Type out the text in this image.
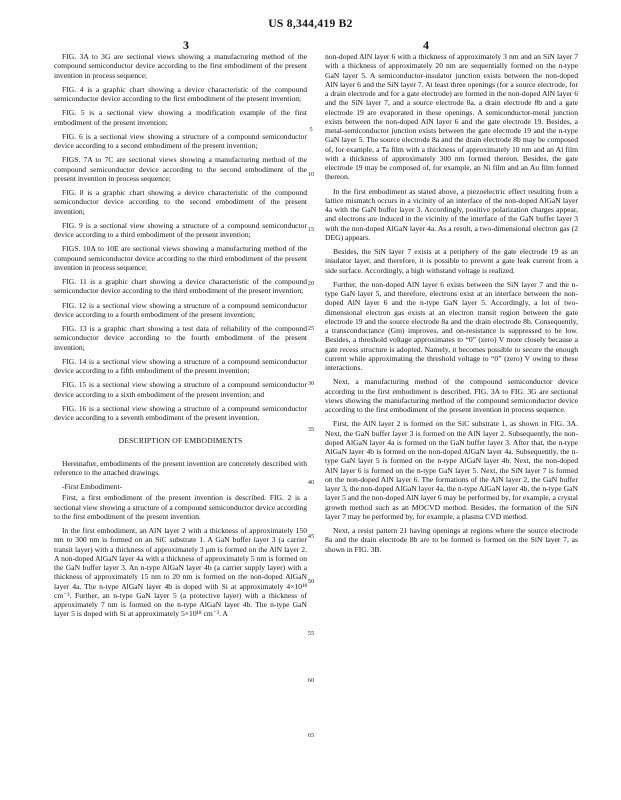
US 8,344,419 B2
3	4

FIG. 3A to 3G are sectional views showing a manufacturing method of the compound semiconductor device according to the first embodiment of the present invention in process sequence;

FIG. 4 is a graphic chart showing a device characteristic of the compound semiconductor device according to the first embodiment of the present invention;

FIG. 5 is a sectional view showing a modification example of the first embodiment of the present invention;

FIG. 6 is a sectional view showing a structure of a compound semiconductor device according to a second embodiment of the present invention;

FIGS. 7A to 7C are sectional views showing a manufacturing method of the compound semiconductor device according to the second embodiment of the present invention in process sequence;

FIG. 8 is a graphic chart showing a device characteristic of the compound semiconductor device according to the second embodiment of the present invention;

FIG. 9 is a sectional view showing a structure of a compound semiconductor device according to a third embodiment of the present invention;

FIGS. 10A to 10E are sectional views showing a manufacturing method of the compound semiconductor device according to the third embodiment of the present invention in process sequence;

FIG. 11 is a graphic chart showing a device characteristic of the compound semiconductor device according to the third embodiment of the present invention;

FIG. 12 is a sectional view showing a structure of a compound semiconductor device according to a fourth embodiment of the present invention;

FIG. 13 is a graphic chart showing a test data of reliability of the compound semiconductor device according to the fourth embodiment of the present invention;

FIG. 14 is a sectional view showing a structure of a compound semiconductor device according to a fifth embodiment of the present invention;

FIG. 15 is a sectional view showing a structure of a compound semiconductor device according to a sixth embodiment of the present invention; and

FIG. 16 is a sectional view showing a structure of a compound semiconductor device according to a seventh embodiment of the present invention.

DESCRIPTION OF EMBODIMENTS

Hereinafter, embodiments of the present invention are concretely described with reference to the attached drawings.

-First Embodiment-

First, a first embodiment of the present invention is described. FIG. 2 is a sectional view showing a structure of a compound semiconductor device according to the first embodiment of the present invention.

In the first embodiment, an AlN layer 2 with a thickness of approximately 150 nm to 300 nm is formed on an SiC substrate 1. A GaN buffer layer 3 (a carrier transit layer) with a thickness of approximately 3 μm is formed on the AlN layer 2. A non-doped AlGaN layer 4a with a thickness of approximately 5 nm is formed on the GaN buffer layer 3. An n-type AlGaN layer 4b (a carrier supply layer) with a thickness of approximately 15 nm to 20 nm is formed on the non-doped AlGaN layer 4a. The n-type AlGaN layer 4b is doped with Si at approximately 4×10¹⁸ cm⁻³. Further, an n-type GaN layer 5 (a protective layer) with a thickness of approximately 7 nm is formed on the n-type AlGaN layer 4b. The n-type GaN layer 5 is doped with Si at approximately 5×10¹⁸ cm⁻³. A

non-doped AlN layer 6 with a thickness of approximately 3 nm and an SiN layer 7 with a thickness of approximately 20 nm are sequentially formed on the n-type GaN layer 5. A semiconductor-insulator junction exists between the non-doped AlN layer 6 and the SiN layer 7. At least three openings (for a source electrode, for a drain electrode and for a gate electrode) are formed in the non-doped AlN layer 6 and the SiN layer 7, and a source electrode 8a, a drain electrode 8b and a gate electrode 19 are evaporated in these openings. A semiconductor-metal junction exists between the non-doped AlN layer 6 and the gate electrode 19. Besides, a metal-semiconductor junction exists between the gate electrode 19 and the n-type GaN layer 5. The source electrode 8a and the drain electrode 8b may be composed of, for example, a Ta film with a thickness of approximately 10 nm and an Al film with a thickness of approximately 300 nm formed thereon. Besides, the gate electrode 19 may be composed of, for example, an Ni film and an Au film formed thereon.

In the first embodiment as stated above, a piezoelectric effect resulting from a lattice mismatch occurs in a vicinity of an interface of the non-doped AlGaN layer 4a with the GaN buffer layer 3. Accordingly, positive polarization charges appear, and electrons are induced in the vicinity of the interface of the GaN buffer layer 3 with the non-doped AlGaN layer 4a. As a result, a two-dimensional electron gas (2 DEG) appears.

Besides, the SiN layer 7 exists at a periphery of the gate electrode 19 as an insulator layer, and therefore, it is possible to prevent a gate leak current from a side surface. Accordingly, a high withstand voltage is realized.

Further, the non-doped AlN layer 6 exists between the SiN layer 7 and the n-type GaN layer 5, and therefore, electrons exist at an interface between the non-doped AlN layer 6 and the n-type GaN layer 5. Accordingly, a lot of two-dimensional electron gas exists at an electron transit region between the gate electrode 19 and the source electrode 8a and the drain electrode 8b. Consequently, a transconductance (Gm) improves, and on-resistance is suppressed to be low. Besides, a threshold voltage approximates to “0” (zero) V more closely because a gate recess structure is adopted. Namely, it becomes possible to secure the enough current while approximating the threshold voltage to “0” (zero) V owing to these interactions.

Next, a manufacturing method of the compound semiconductor device according to the first embodiment is described. FIG. 3A to FIG. 3G are sectional views showing the manufacturing method of the compound semiconductor device according to the first embodiment of the present invention in process sequence.

First, the AlN layer 2 is formed on the SiC substrate 1, as shown in FIG. 3A. Next, the GaN buffer layer 3 is formed on the AlN layer 2. Subsequently, the non-doped AlGaN layer 4a is formed on the GaN buffer layer 3. After that, the n-type AlGaN layer 4b is formed on the non-doped AlGaN layer 4a. Subsequently, the n-type GaN layer 5 is formed on the n-type AlGaN layer 4b. Next, the non-doped AlN layer 6 is formed on the n-type GaN layer 5. Next, the SiN layer 7 is formed on the non-doped AlN layer 6. The formations of the AlN layer 2, the GaN buffer layer 3, the non-doped AlGaN layer 4a, the n-type AlGaN layer 4b, the n-type GaN layer 5 and the non-doped AlN layer 6 may be performed by, for example, a crystal growth method such as an MOCVD method. Besides, the formation of the SiN layer 7 may be performed by, for example, a plasma CVD method.

Next, a resist pattern 21 having openings at regions where the source electrode 8a and the drain electrode 8b are to be formed is formed on the SiN layer 7, as shown in FIG. 3B.

5
10
15
20
25
30
35
40
45
50
55
60
65
